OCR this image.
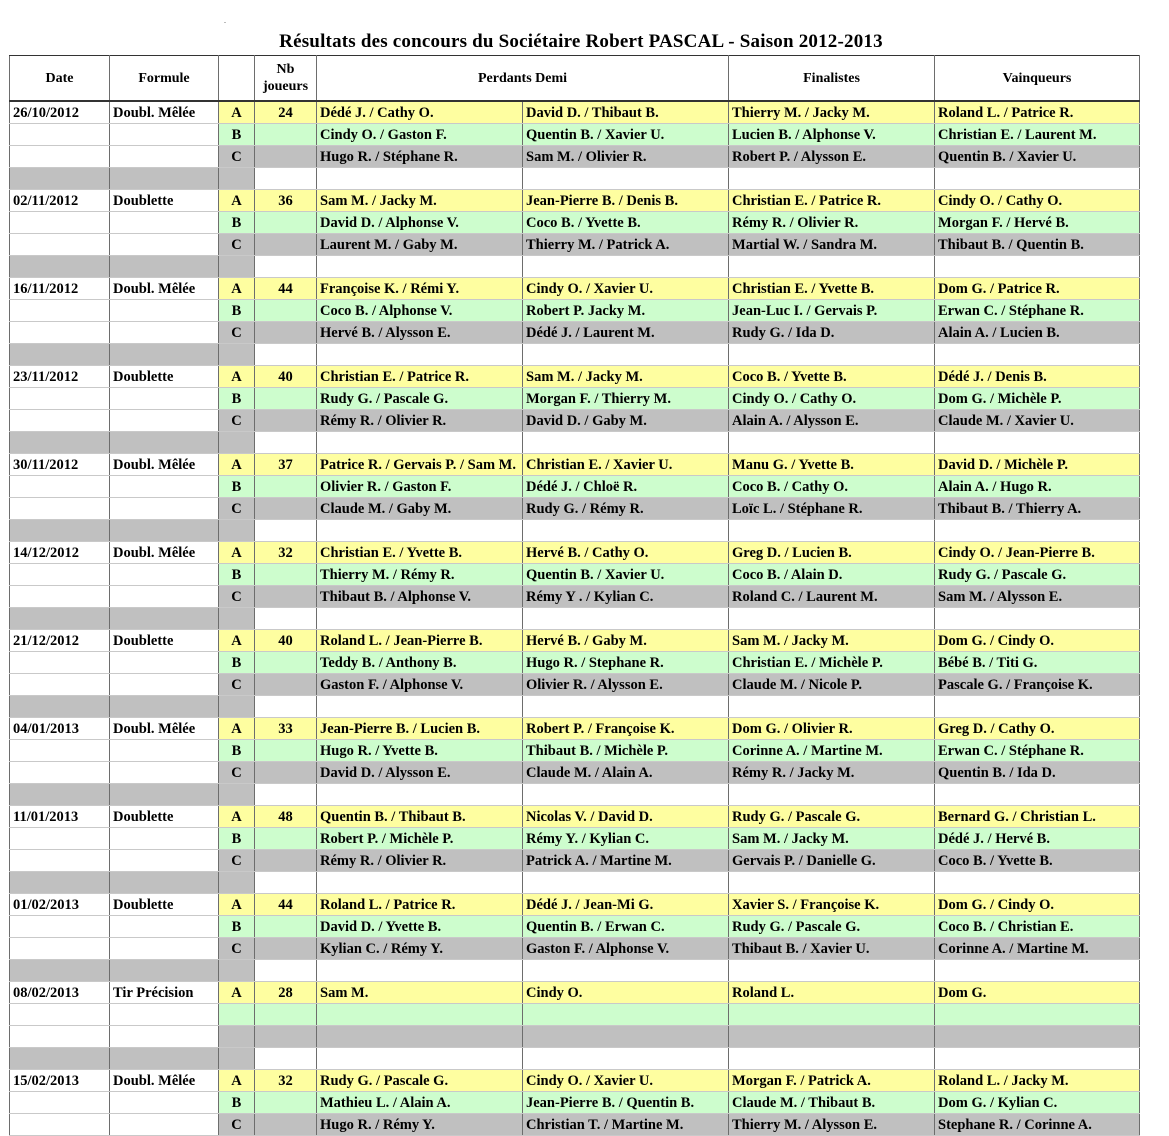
Résultats des concours du Sociétaire Robert PASCAL - Saison 2012-2013
Date	Formule		Nb
joueurs	Perdants Demi		Finalistes	Vainqueurs
26/10/2012	Doubl. Mêlée	A	24	Dédé J. / Cathy O.	David D. / Thibaut B.	Thierry M. / Jacky M.	Roland L. / Patrice R.
		B		Cindy O. / Gaston F.	Quentin B. / Xavier U.	Lucien B. / Alphonse V.	Christian E. / Laurent M.
		C		Hugo R. / Stéphane R.	Sam M. / Olivier R.	Robert P. / Alysson E.	Quentin B. / Xavier U.

02/11/2012	Doublette	A	36	Sam M. / Jacky M.	Jean-Pierre B. / Denis B.	Christian E. / Patrice R.	Cindy O. / Cathy O.
		B		David D. / Alphonse V.	Coco B. / Yvette B.	Rémy R. / Olivier R.	Morgan F. / Hervé B.
		C		Laurent M. / Gaby M.	Thierry M. / Patrick A.	Martial W. / Sandra M.	Thibaut B. / Quentin B.

16/11/2012	Doubl. Mêlée	A	44	Françoise K. / Rémi Y.	Cindy O. / Xavier U.	Christian E. / Yvette B.	Dom G. / Patrice R.
		B		Coco B. / Alphonse V.	Robert P. Jacky M.	Jean-Luc I. / Gervais P.	Erwan C. / Stéphane R.
		C		Hervé B. / Alysson E.	Dédé J. / Laurent M.	Rudy G. / Ida D.	Alain A. / Lucien B.

23/11/2012	Doublette	A	40	Christian E. / Patrice R.	Sam M. / Jacky M.	Coco B. / Yvette B.	Dédé J. / Denis B.
		B		Rudy G. / Pascale G.	Morgan F. / Thierry M.	Cindy O. / Cathy O.	Dom G. / Michèle P.
		C		Rémy R. / Olivier R.	David D. / Gaby M.	Alain A. / Alysson E.	Claude M. / Xavier U.

30/11/2012	Doubl. Mêlée	A	37	Patrice R. / Gervais P. / Sam M.	Christian E. / Xavier U.	Manu G. / Yvette B.	David D. / Michèle P.
		B		Olivier R. / Gaston F.	Dédé J. / Chloë R.	Coco B. / Cathy O.	Alain A. / Hugo R.
		C		Claude M. / Gaby M.	Rudy G. / Rémy R.	Loïc L. / Stéphane R.	Thibaut B. / Thierry A.

14/12/2012	Doubl. Mêlée	A	32	Christian E. / Yvette B.	Hervé B. / Cathy O.	Greg D. / Lucien B.	Cindy O. / Jean-Pierre B.
		B		Thierry M. / Rémy R.	Quentin B. / Xavier U.	Coco B. / Alain D.	Rudy G. / Pascale G.
		C		Thibaut B. / Alphonse V.	Rémy Y . / Kylian C.	Roland C. / Laurent M.	Sam M. / Alysson E.

21/12/2012	Doublette	A	40	Roland L. / Jean-Pierre B.	Hervé B. / Gaby M.	Sam M. / Jacky M.	Dom G. / Cindy O.
		B		Teddy B. / Anthony B.	Hugo R. / Stephane R.	Christian E. / Michèle P.	Bébé B. / Titi G.
		C		Gaston F. / Alphonse V.	Olivier R. / Alysson E.	Claude M. / Nicole P.	Pascale G. / Françoise K.

04/01/2013	Doubl. Mêlée	A	33	Jean-Pierre B. / Lucien B.	Robert P. / Françoise K.	Dom G. / Olivier R.	Greg D. / Cathy O.
		B		Hugo R. / Yvette B.	Thibaut B. / Michèle P.	Corinne A. / Martine M.	Erwan C. / Stéphane R.
		C		David D. / Alysson E.	Claude M. / Alain A.	Rémy R. / Jacky M.	Quentin B. / Ida D.

11/01/2013	Doublette	A	48	Quentin B. / Thibaut B.	Nicolas V. / David D.	Rudy G. / Pascale G.	Bernard G. / Christian L.
		B		Robert P. / Michèle P.	Rémy Y. / Kylian C.	Sam M. / Jacky M.	Dédé J. / Hervé B.
		C		Rémy R. / Olivier R.	Patrick A. / Martine M.	Gervais P. / Danielle G.	Coco B. / Yvette B.

01/02/2013	Doublette	A	44	Roland L. / Patrice R.	Dédé J. / Jean-Mi G.	Xavier S. / Françoise K.	Dom G. / Cindy O.
		B		David D. / Yvette B.	Quentin B. / Erwan C.	Rudy G. / Pascale G.	Coco B. / Christian E.
		C		Kylian C. / Rémy Y.	Gaston F. / Alphonse V.	Thibaut B. / Xavier U.	Corinne A. / Martine M.

08/02/2013	Tir Précision	A	28	Sam M.	Cindy O.	Roland L.	Dom G.

15/02/2013	Doubl. Mêlée	A	32	Rudy G. / Pascale G.	Cindy O. / Xavier U.	Morgan F. / Patrick A.	Roland L. / Jacky M.
		B		Mathieu L. / Alain A.	Jean-Pierre B. / Quentin B.	Claude M. / Thibaut B.	Dom G. / Kylian C.
		C		Hugo R. / Rémy Y.	Christian T. / Martine M.	Thierry M. / Alysson E.	Stephane R. / Corinne A.
